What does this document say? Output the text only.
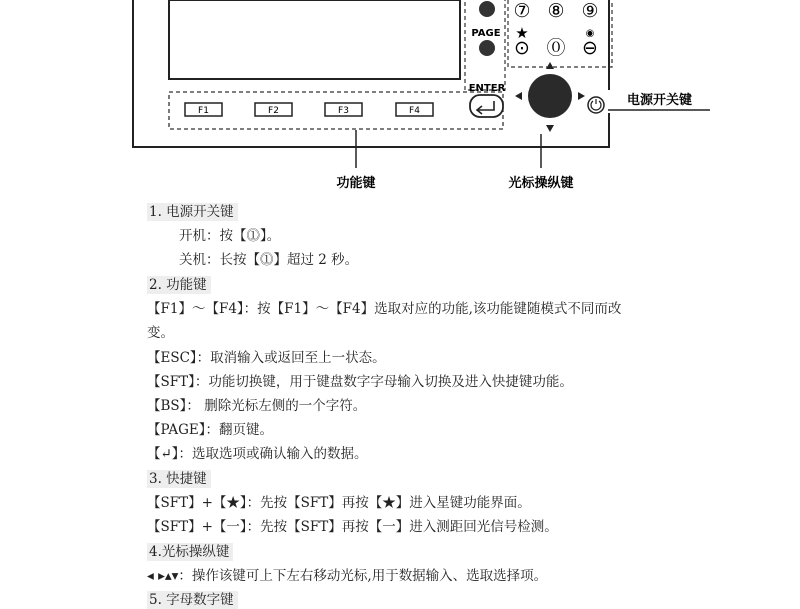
F1	F2	F3	F4
PAGE
⑦ ⑧ ⑨
★	◉
⊙ ⓪ ⊖
ENTER
电源开关键
功能键	光标操纵键
1. 电源开关键
开机：按【⓵】。
关机：长按【⓵】超过 2 秒。
2. 功能键
【F1】～【F4】：按【F1】～【F4】选取对应的功能,该功能键随模式不同而改
变。
【ESC】：取消输入或返回至上一状态。
【SFT】：功能切换键，用于键盘数字字母输入切换及进入快捷键功能。
【BS】： 删除光标左侧的一个字符。
【PAGE】：翻页键。
【↵】：选取选项或确认输入的数据。
3. 快捷键
【SFT】+【★】：先按【SFT】再按【★】进入星键功能界面。
【SFT】+【一】：先按【SFT】再按【一】进入测距回光信号检测。
4.光标操纵键
◂ ▸▴▾：操作该键可上下左右移动光标,用于数据输入、选取选择项。
5. 字母数字键
